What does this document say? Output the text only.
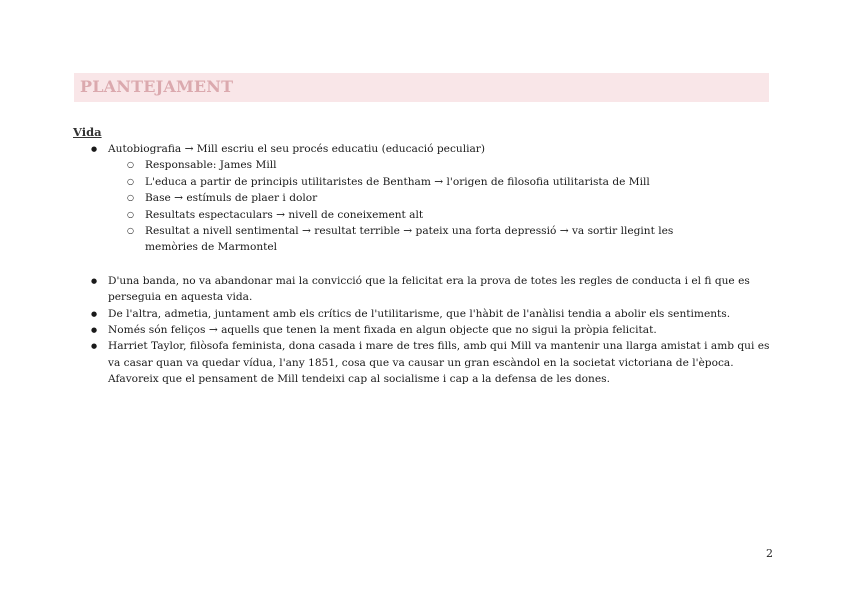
PLANTEJAMENT
Vida
● Autobiografia → Mill escriu el seu procés educatiu (educació peculiar)
○ Responsable: James Mill
○ L'educa a partir de principis utilitaristes de Bentham → l'origen de filosofia utilitarista de Mill
○ Base → estímuls de plaer i dolor
○ Resultats espectaculars → nivell de coneixement alt
○ Resultat a nivell sentimental → resultat terrible → pateix una forta depressió → va sortir llegint les memòries de Marmontel
● D'una banda, no va abandonar mai la convicció que la felicitat era la prova de totes les regles de conducta i el fi que es perseguia en aquesta vida.
● De l'altra, admetia, juntament amb els crítics de l'utilitarisme, que l'hàbit de l'anàlisi tendia a abolir els sentiments.
● Només són feliços → aquells que tenen la ment fixada en algun objecte que no sigui la pròpia felicitat.
● Harriet Taylor, filòsofa feminista, dona casada i mare de tres fills, amb qui Mill va mantenir una llarga amistat i amb qui es va casar quan va quedar vídua, l'any 1851, cosa que va causar un gran escàndol en la societat victoriana de l'època. Afavoreix que el pensament de Mill tendeixi cap al socialisme i cap a la defensa de les dones.
2
